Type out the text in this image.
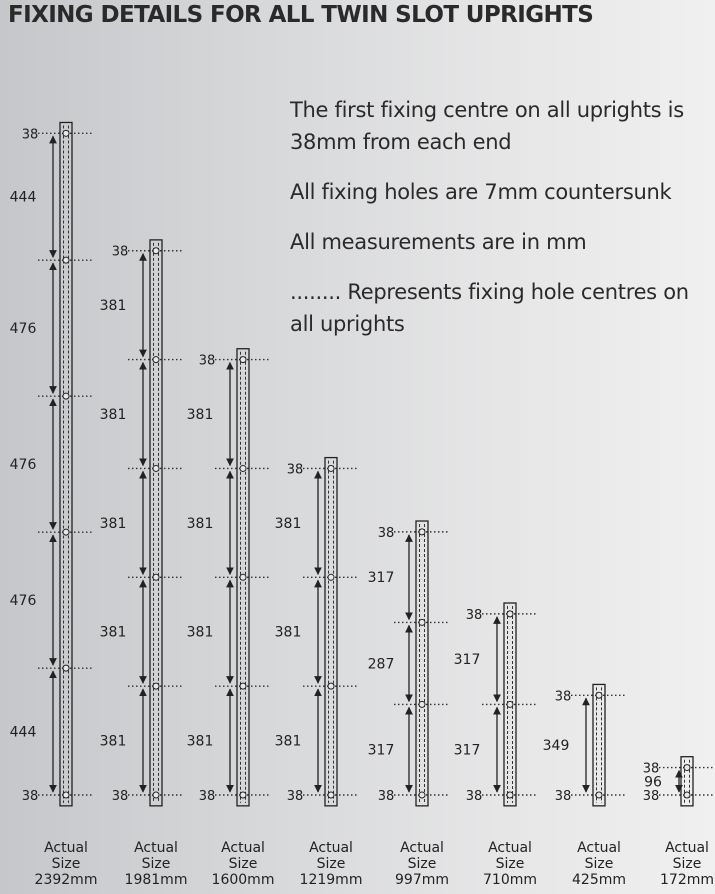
FIXING DETAILS FOR ALL TWIN SLOT UPRIGHTS

The first fixing centre on all uprights is 38mm from each end

All fixing holes are 7mm countersunk

All measurements are in mm

........ Represents fixing hole centres on all uprights

444
476
476
476
444
38
38
381
381
381
381
381
38
38
381
381
381
381
38
38
381
381
381
38
38
317
287
317
38
38
317
317
38
38
349
38
38
96
38
38
Actual
Size
2392mm
Actual
Size
1981mm
Actual
Size
1600mm
Actual
Size
1219mm
Actual
Size
997mm
Actual
Size
710mm
Actual
Size
425mm
Actual
Size
172mm
